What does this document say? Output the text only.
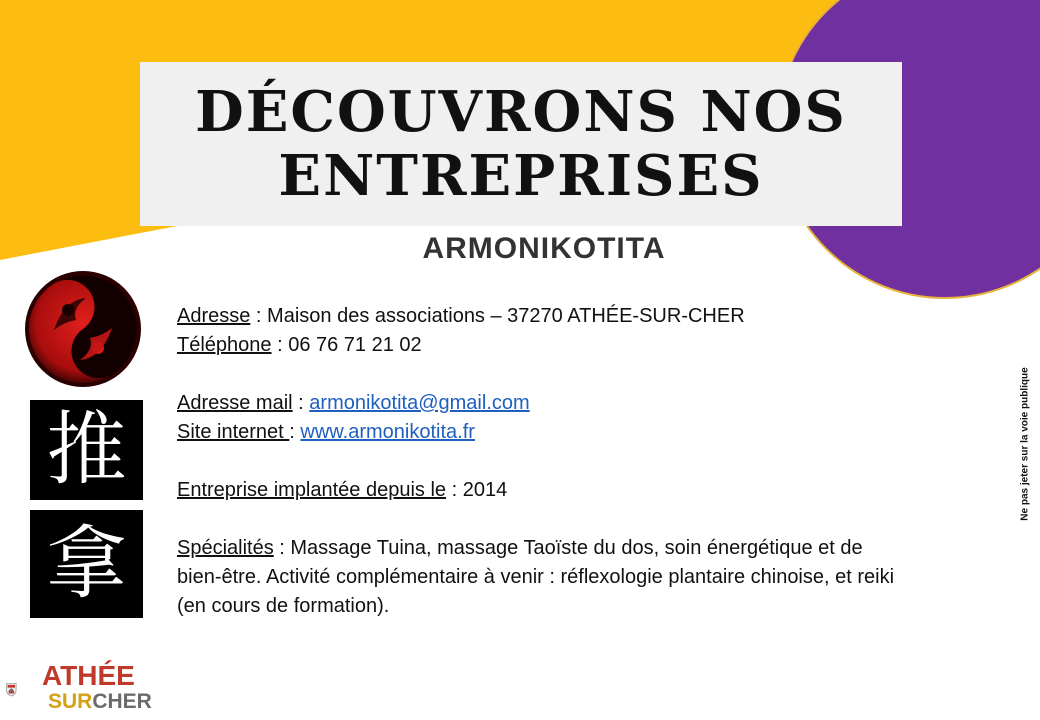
DÉCOUVRONS NOS ENTREPRISES
ARMONIKOTITA

Adresse : Maison des associations – 37270 ATHÉE-SUR-CHER

Téléphone : 06 76 71 21 02

Adresse mail : armonikotita@gmail.com

Site internet : www.armonikotita.fr

Entreprise implantée depuis le : 2014

Spécialités : Massage Tuina, massage Taoïste du dos, soin énergétique et de bien-être. Activité complémentaire à venir : réflexologie plantaire chinoise, et reiki (en cours de formation).

Ne pas jeter sur la voie publique
推
拿
ATHÉE
SURCHER
